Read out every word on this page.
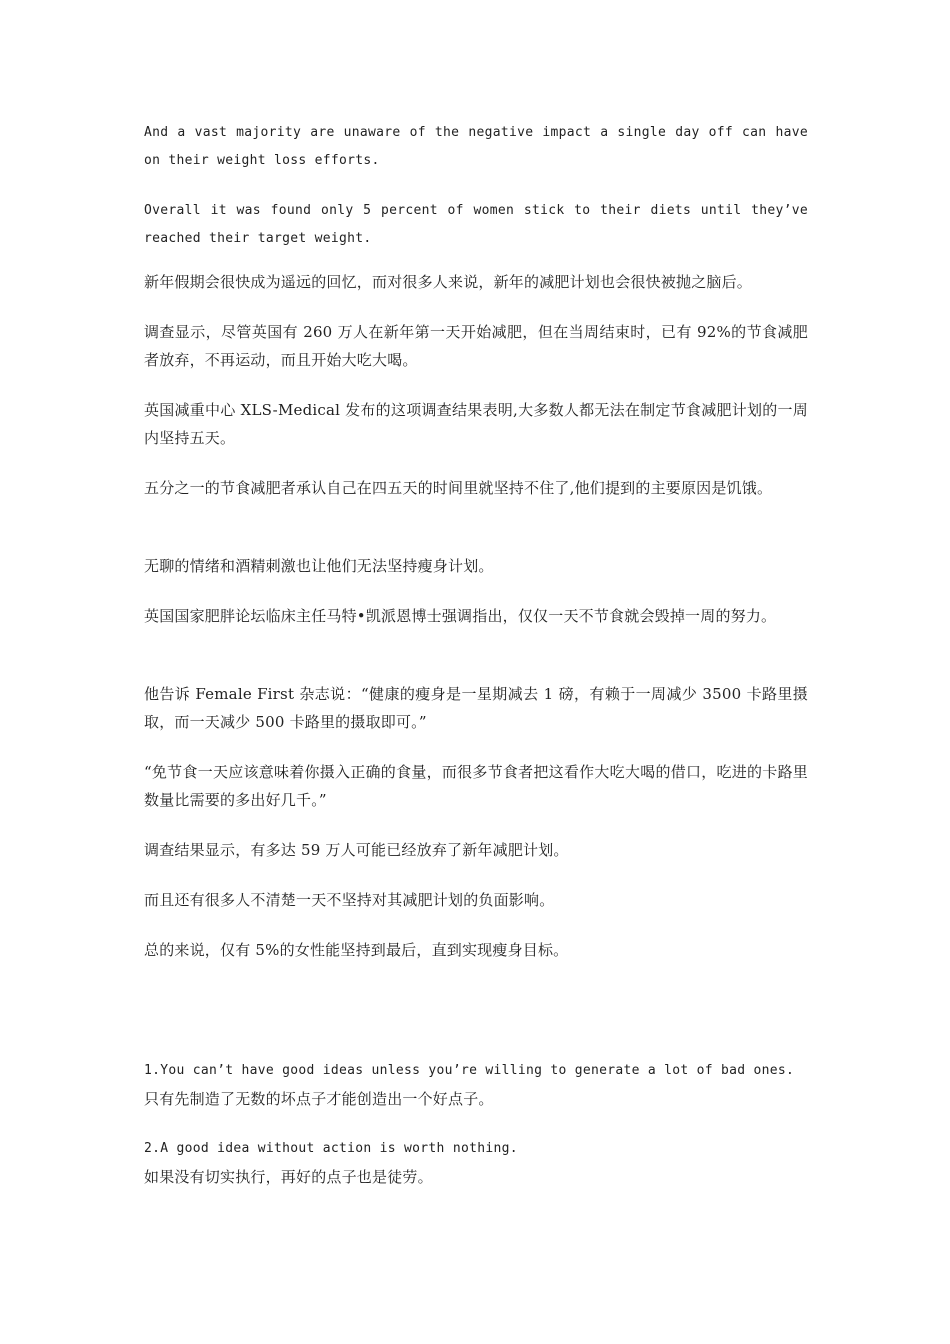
And a vast majority are unaware of the negative impact a single day off can have on their weight loss efforts.

Overall it was found only 5 percent of women stick to their diets until they’ve reached their target weight.

新年假期会很快成为遥远的回忆，而对很多人来说，新年的减肥计划也会很快被抛之脑后。

调查显示，尽管英国有 260 万人在新年第一天开始减肥，但在当周结束时，已有 92%的节食减肥者放弃，不再运动，而且开始大吃大喝。

英国减重中心 XLS-Medical 发布的这项调查结果表明,大多数人都无法在制定节食减肥计划的一周内坚持五天。

五分之一的节食减肥者承认自己在四五天的时间里就坚持不住了,他们提到的主要原因是饥饿。

无聊的情绪和酒精刺激也让他们无法坚持瘦身计划。

英国国家肥胖论坛临床主任马特•凯派恩博士强调指出，仅仅一天不节食就会毁掉一周的努力。

他告诉 Female First 杂志说：“健康的瘦身是一星期减去 1 磅，有赖于一周减少 3500 卡路里摄取，而一天减少 500 卡路里的摄取即可。”

“免节食一天应该意味着你摄入正确的食量，而很多节食者把这看作大吃大喝的借口，吃进的卡路里数量比需要的多出好几千。”

调查结果显示，有多达 59 万人可能已经放弃了新年减肥计划。

而且还有很多人不清楚一天不坚持对其减肥计划的负面影响。

总的来说，仅有 5%的女性能坚持到最后，直到实现瘦身目标。

1.You can’t have good ideas unless you’re willing to generate a lot of bad ones.
只有先制造了无数的坏点子才能创造出一个好点子。
2.A good idea without action is worth nothing.
如果没有切实执行，再好的点子也是徒劳。
